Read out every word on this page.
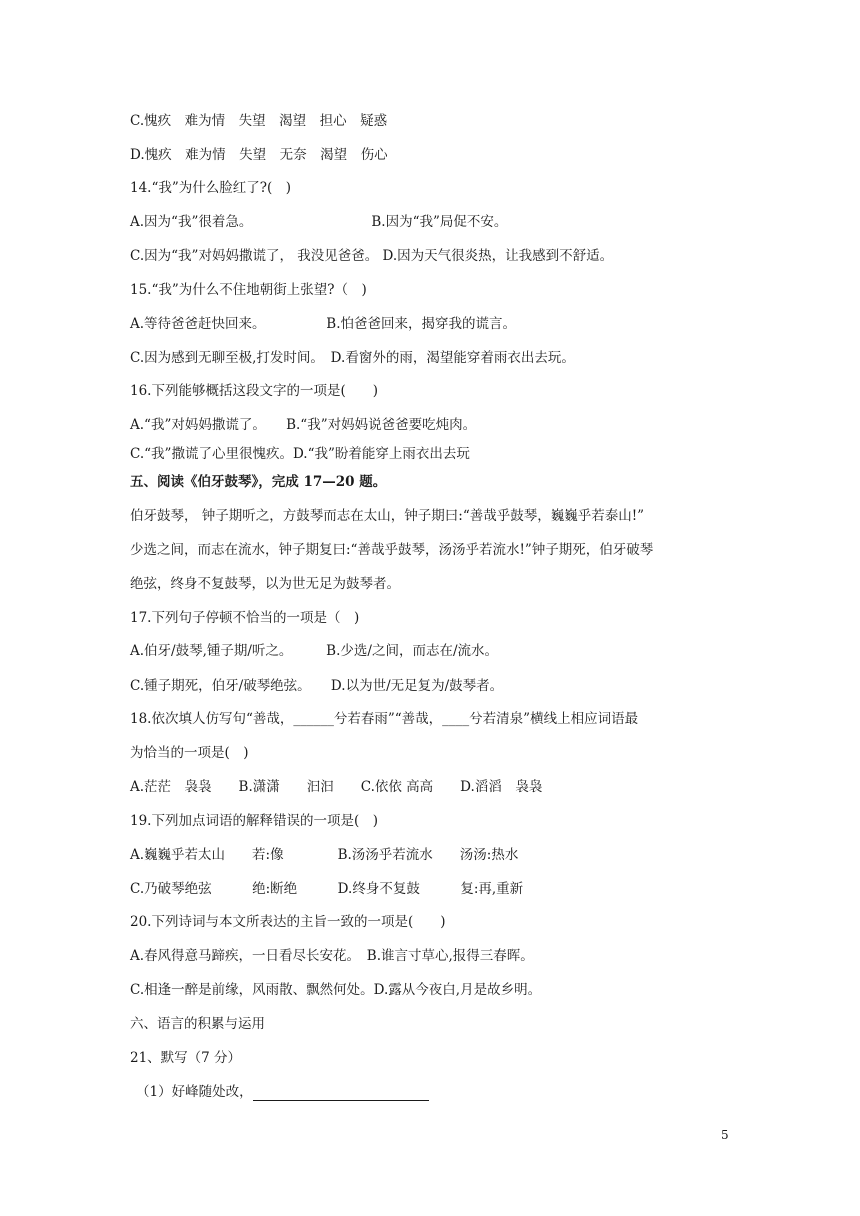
C.愧疚　难为情　失望　渴望　担心　疑惑
D.愧疚　难为情　失望　无奈　渴望　伤心
14.“我”为什么脸红了?(　)
A.因为“我”很着急。　　　　　　　　　 B.因为“我”局促不安。
C.因为“我”对妈妈撒谎了， 我没见爸爸。 D.因为天气很炎热，让我感到不舒适。
15.“我”为什么不住地朝街上张望?（　)
A.等待爸爸赶快回来。　　　　　B.怕爸爸回来，揭穿我的谎言。
C.因为感到无聊至极,打发时间。　D.看窗外的雨，渴望能穿着雨衣出去玩。
16.下列能够概括这段文字的一项是(　　)
A.“我”对妈妈撒谎了。　　B.“我”对妈妈说爸爸要吃炖肉。
C.“我”撒谎了心里很愧疚。D.“我”盼着能穿上雨衣出去玩
五、阅读《伯牙鼓琴》，完成 17—20 题。
伯牙鼓琴， 钟子期听之，方鼓琴而志在太山，钟子期曰:“善哉乎鼓琴，巍巍乎若泰山!”
少选之间，而志在流水，钟子期复曰:“善哉乎鼓琴，汤汤乎若流水!”钟子期死，伯牙破琴
绝弦，终身不复鼓琴，以为世无足为鼓琴者。
17.下列句子停顿不恰当的一项是（　)
A.伯牙/鼓琴,锺子期/听之。　　　B.少选/之间，而志在/流水。
C.锺子期死，伯牙/破琴绝弦。　　D.以为世/无足复为/鼓琴者。
18.依次填人仿写句“善哉，______兮若春雨”“善哉，____兮若清泉”横线上相应词语最
为恰当的一项是(　)
A.茫茫　袅袅　　B.潇潇　　汩汩　　C.依依 高高　　D.滔滔　袅袅
19.下列加点词语的解释错误的一项是(　)
A.巍巍乎若太山　　若:像　　　　B.汤汤乎若流水　　汤汤:热水
C.乃破琴绝弦　　　绝:断绝　　　D.终身不复鼓　　　复:再,重新
20.下列诗词与本文所表达的主旨一致的一项是(　　)
A.春风得意马蹄疾，一日看尽长安花。　B.谁言寸草心,报得三春晖。
C.相逢一醉是前缘，风雨散、飘然何处。D.露从今夜白,月是故乡明。
六、语言的积累与运用
21、默写（7 分）
（1）好峰随处改，
5
